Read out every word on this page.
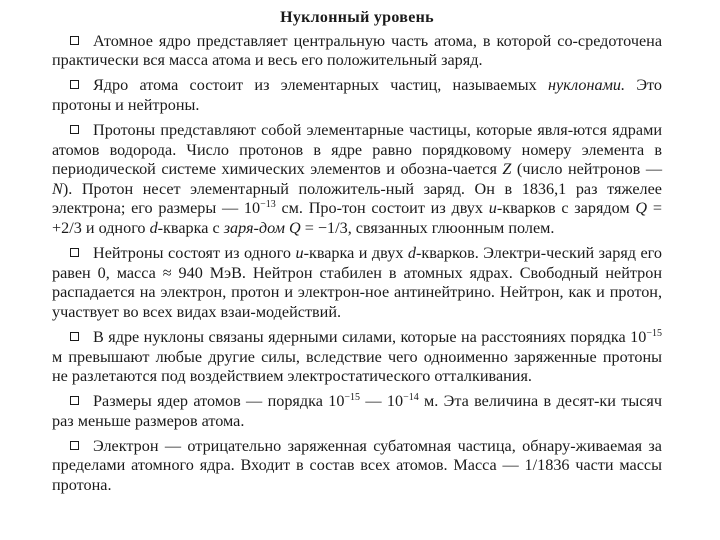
Нуклонный уровень

Атомное ядро представляет центральную часть атома, в которой со-средоточена практически вся масса атома и весь его положительный заряд.

Ядро атома состоит из элементарных частиц, называемых нуклонами. Это протоны и нейтроны.

Протоны представляют собой элементарные частицы, которые явля-ются ядрами атомов водорода. Число протонов в ядре равно порядковому номеру элемента в периодической системе химических элементов и обозна-чается Z (число нейтронов — N). Протон несет элементарный положитель-ный заряд. Он в 1836,1 раз тяжелее электрона; его размеры — $10^{-13}$ см. Про-тон состоит из двух u-кварков с зарядом Q = +2/3 и одного d-кварка с заря-дом Q = −1/3, связанных глюонным полем.

Нейтроны состоят из одного u-кварка и двух d-кварков. Электри-ческий заряд его равен 0, масса ≈ 940 МэВ. Нейтрон стабилен в атомных ядрах. Свободный нейтрон распадается на электрон, протон и электрон-ное антинейтрино. Нейтрон, как и протон, участвует во всех видах взаи-модействий.

В ядре нуклоны связаны ядерными силами, которые на расстояниях порядка $10^{-15}$ м превышают любые другие силы, вследствие чего одноименно заряженные протоны не разлетаются под воздействием электростатического отталкивания.

Размеры ядер атомов — порядка $10^{-15}$ — $10^{-14}$ м. Эта величина в десят-ки тысяч раз меньше размеров атома.

Электрон — отрицательно заряженная субатомная частица, обнару-живаемая за пределами атомного ядра. Входит в состав всех атомов. Масса — 1/1836 части массы протона.
